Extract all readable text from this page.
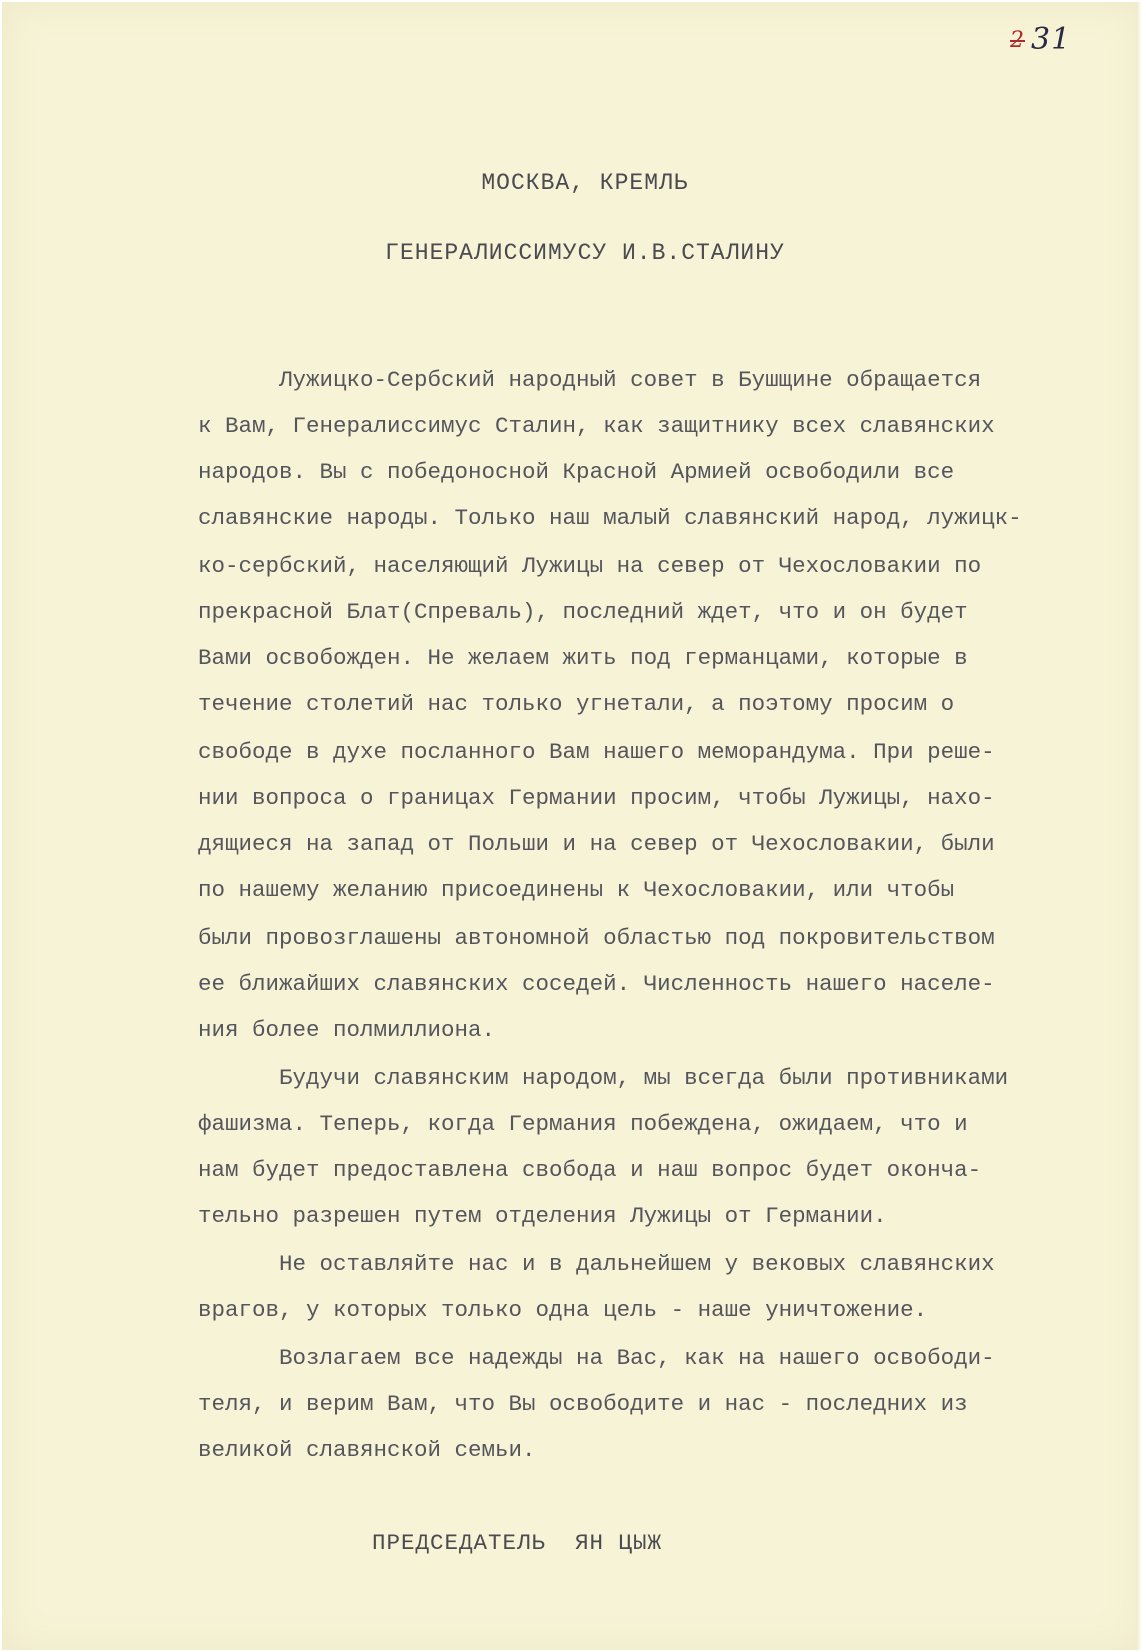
2 31
МОСКВА, КРЕМЛЬ
ГЕНЕРАЛИССИМУСУ И.В.СТАЛИНУ
Лужицко-Сербский народный совет в Бушщине обращается
к Вам, Генералиссимус Сталин, как защитнику всех славянских
народов. Вы с победоносной Красной Армией освободили все
славянские народы. Только наш малый славянский народ, лужицк-
ко-сербский, населяющий Лужицы на север от Чехословакии по
прекрасной Блат(Спреваль), последний ждет, что и он будет
Вами освобожден. Не желаем жить под германцами, которые в
течение столетий нас только угнетали, а поэтому просим о
свободе в духе посланного Вам нашего меморандума. При реше-
нии вопроса о границах Германии просим, чтобы Лужицы, нахо-
дящиеся на запад от Польши и на север от Чехословакии, были
по нашему желанию присоединены к Чехословакии, или чтобы
были провозглашены автономной областью под покровительством
ее ближайших славянских соседей. Численность нашего населе-
ния более полмиллиона.
Будучи славянским народом, мы всегда были противниками
фашизма. Теперь, когда Германия побеждена, ожидаем, что и
нам будет предоставлена свобода и наш вопрос будет оконча-
тельно разрешен путем отделения Лужицы от Германии.
Не оставляйте нас и в дальнейшем у вековых славянских
врагов, у которых только одна цель - наше уничтожение.
Возлагаем все надежды на Вас, как на нашего освободи-
теля, и верим Вам, что Вы освободите и нас - последних из
великой славянской семьи.
ПРЕДСЕДАТЕЛЬ  ЯН ЦЫЖ
